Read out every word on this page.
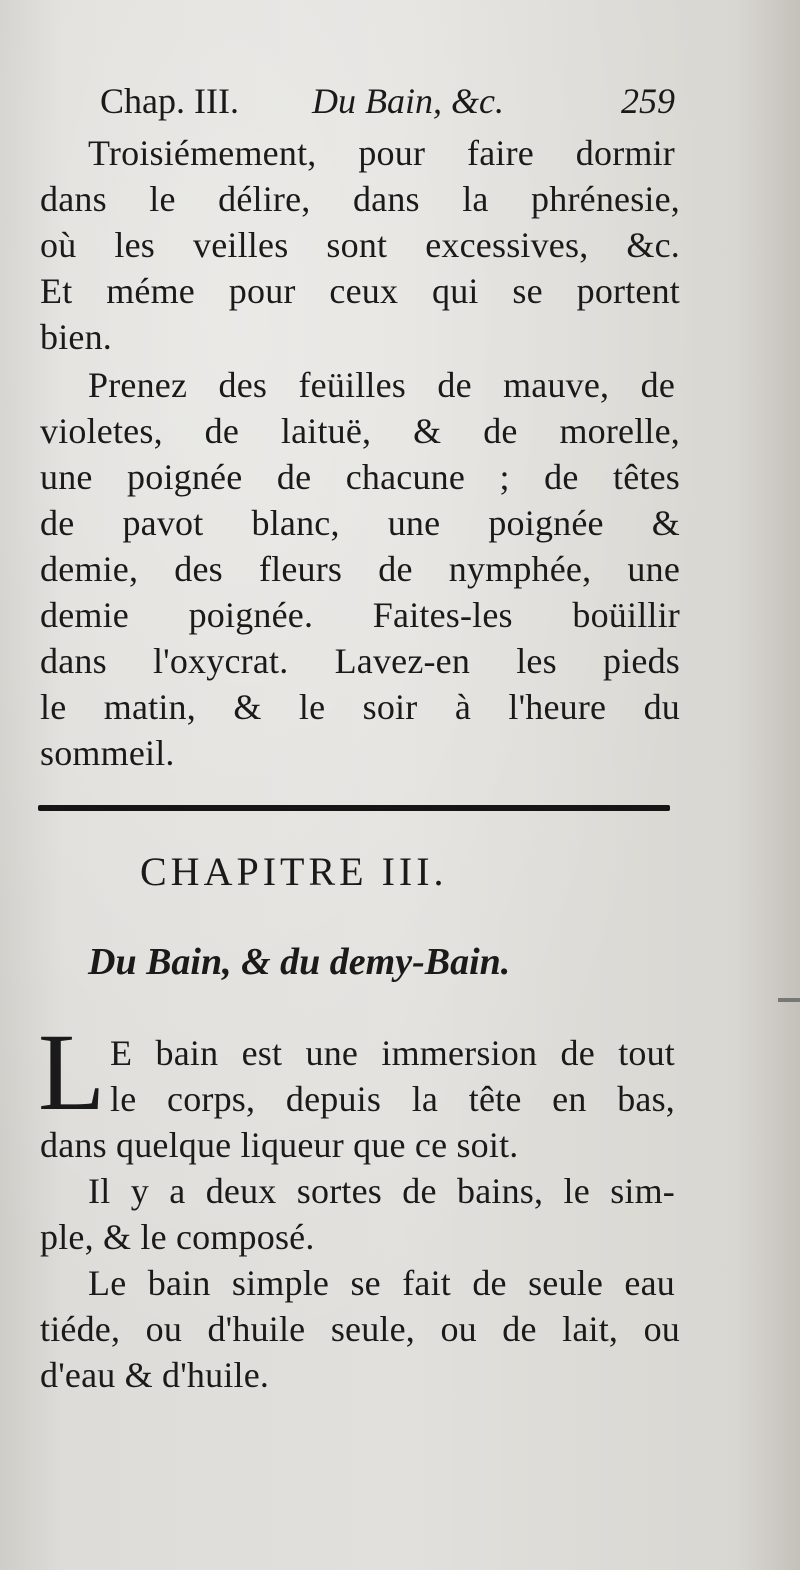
Chap. III. Du Bain, &c.	259
Troisiémement, pour faire dormir
dans le délire, dans la phrénesie,
où les veilles sont excessives, &c.
Et méme pour ceux qui se portent
bien.
Prenez des feüilles de mauve, de
violetes, de laituë, & de morelle,
une poignée de chacune ; de têtes
de pavot blanc, une poignée &
demie, des fleurs de nymphée, une
demie poignée. Faites-les boüillir
dans l'oxycrat. Lavez-en les pieds
le matin, & le soir à l'heure du
sommeil.
CHAPITRE III.
Du Bain, & du demy-Bain.
L E bain est une immersion de tout
le corps, depuis la tête en bas,
dans quelque liqueur que ce soit.
Il y a deux sortes de bains, le sim-
ple, & le composé.
Le bain simple se fait de seule eau
tiéde, ou d'huile seule, ou de lait, ou
d'eau & d'huile.
